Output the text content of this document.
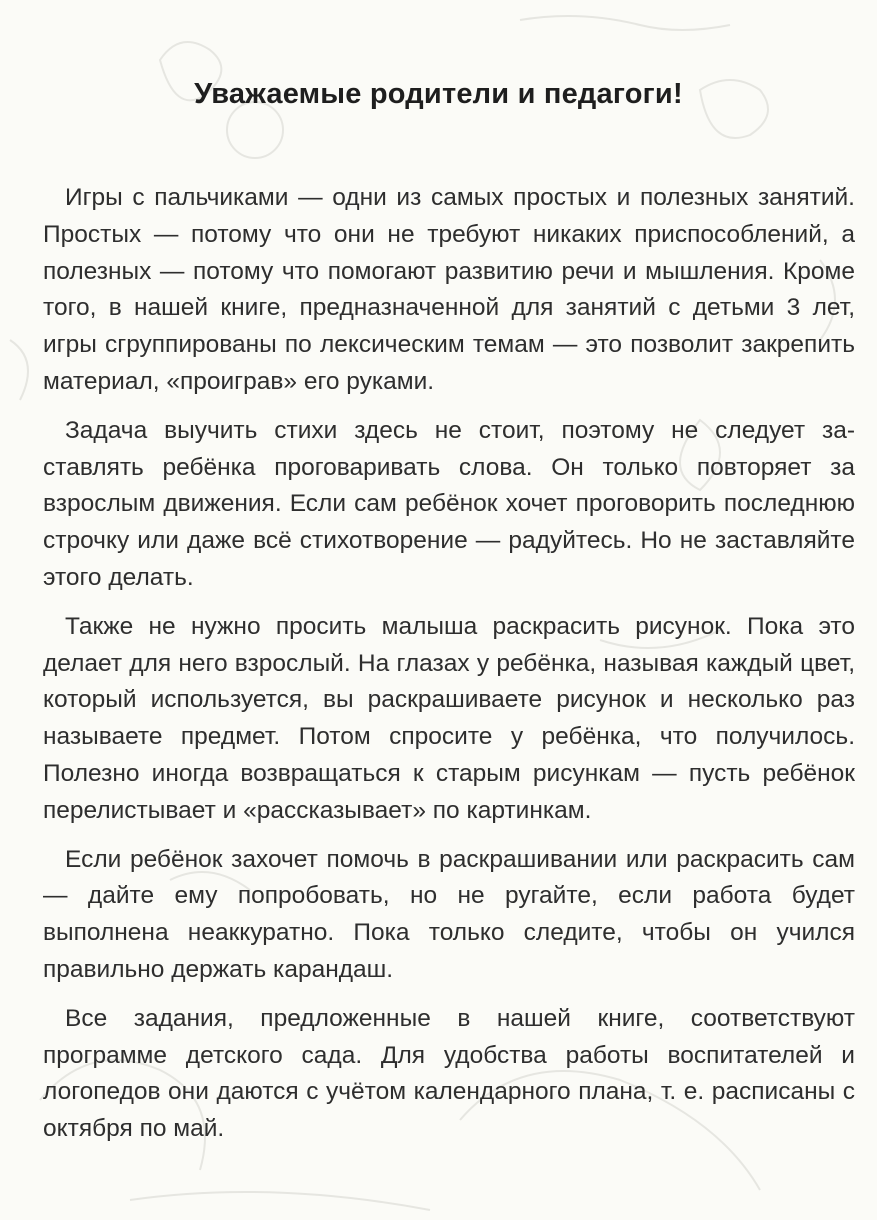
Уважаемые родители и педагоги!

Игры с пальчиками — одни из самых простых и полезных занятий. Простых — потому что они не требуют никаких приспособлений, а полезных — потому что помогают развитию речи и мышления. Кроме того, в нашей книге, предназначенной для занятий с детьми 3 лет, игры сгруппированы по лексическим темам — это позволит закрепить материал, «проиграв» его руками.

Задача выучить стихи здесь не стоит, поэтому не следует заставлять ребёнка проговаривать слова. Он только повторяет за взрослым движения. Если сам ребёнок хочет проговорить последнюю строчку или даже всё стихотворение — радуйтесь. Но не заставляйте этого делать.

Также не нужно просить малыша раскрасить рисунок. Пока это делает для него взрослый. На глазах у ребёнка, называя каждый цвет, который используется, вы раскрашиваете рисунок и несколько раз называете предмет. Потом спросите у ребёнка, что получилось. Полезно иногда возвращаться к старым рисункам — пусть ребёнок перелистывает и «рассказывает» по картинкам.

Если ребёнок захочет помочь в раскрашивании или раскрасить сам — дайте ему попробовать, но не ругайте, если работа будет выполнена неаккуратно. Пока только следите, чтобы он учился правильно держать карандаш.

Все задания, предложенные в нашей книге, соответствуют программе детского сада. Для удобства работы воспитателей и логопедов они даются с учётом календарного плана, т. е. расписаны с октября по май.
